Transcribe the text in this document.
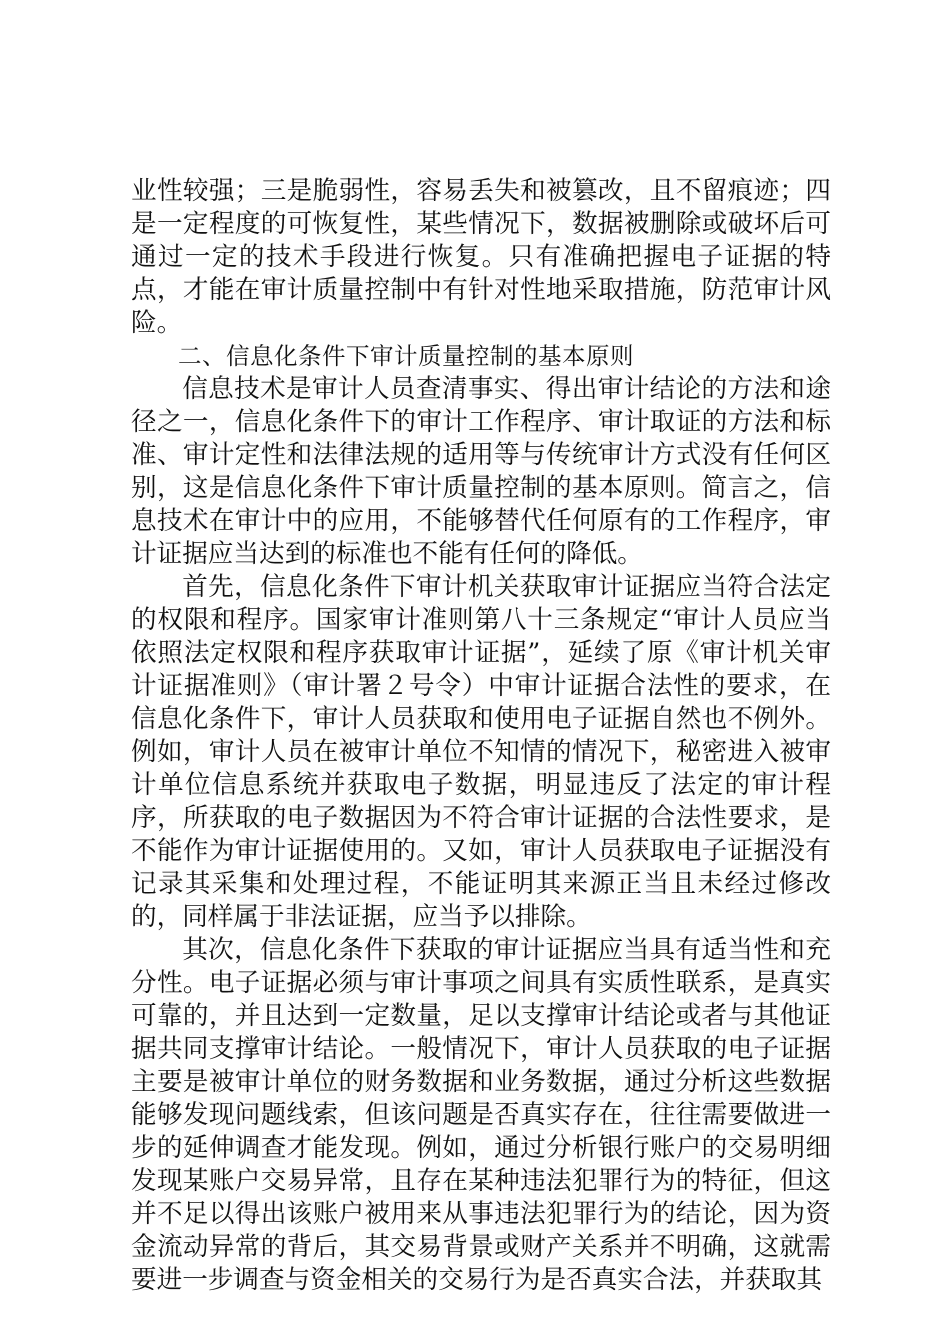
业性较强；三是脆弱性，容易丢失和被篡改，且不留痕迹；四是一定程度的可恢复性，某些情况下，数据被删除或破坏后可通过一定的技术手段进行恢复。只有准确把握电子证据的特点，才能在审计质量控制中有针对性地采取措施，防范审计风险。

二、信息化条件下审计质量控制的基本原则

信息技术是审计人员查清事实、得出审计结论的方法和途径之一，信息化条件下的审计工作程序、审计取证的方法和标准、审计定性和法律法规的适用等与传统审计方式没有任何区别，这是信息化条件下审计质量控制的基本原则。简言之，信息技术在审计中的应用，不能够替代任何原有的工作程序，审计证据应当达到的标准也不能有任何的降低。

首先，信息化条件下审计机关获取审计证据应当符合法定的权限和程序。国家审计准则第八十三条规定“审计人员应当依照法定权限和程序获取审计证据”，延续了原《审计机关审计证据准则》（审计署２号令）中审计证据合法性的要求，在信息化条件下，审计人员获取和使用电子证据自然也不例外。例如，审计人员在被审计单位不知情的情况下，秘密进入被审计单位信息系统并获取电子数据，明显违反了法定的审计程序，所获取的电子数据因为不符合审计证据的合法性要求，是不能作为审计证据使用的。又如，审计人员获取电子证据没有记录其采集和处理过程，不能证明其来源正当且未经过修改的，同样属于非法证据，应当予以排除。

其次，信息化条件下获取的审计证据应当具有适当性和充分性。电子证据必须与审计事项之间具有实质性联系，是真实可靠的，并且达到一定数量，足以支撑审计结论或者与其他证据共同支撑审计结论。一般情况下，审计人员获取的电子证据主要是被审计单位的财务数据和业务数据，通过分析这些数据能够发现问题线索，但该问题是否真实存在，往往需要做进一步的延伸调查才能发现。例如，通过分析银行账户的交易明细发现某账户交易异常，且存在某种违法犯罪行为的特征，但这并不足以得出该账户被用来从事违法犯罪行为的结论，因为资金流动异常的背后，其交易背景或财产关系并不明确，这就需要进一步调查与资金相关的交易行为是否真实合法，并获取其
